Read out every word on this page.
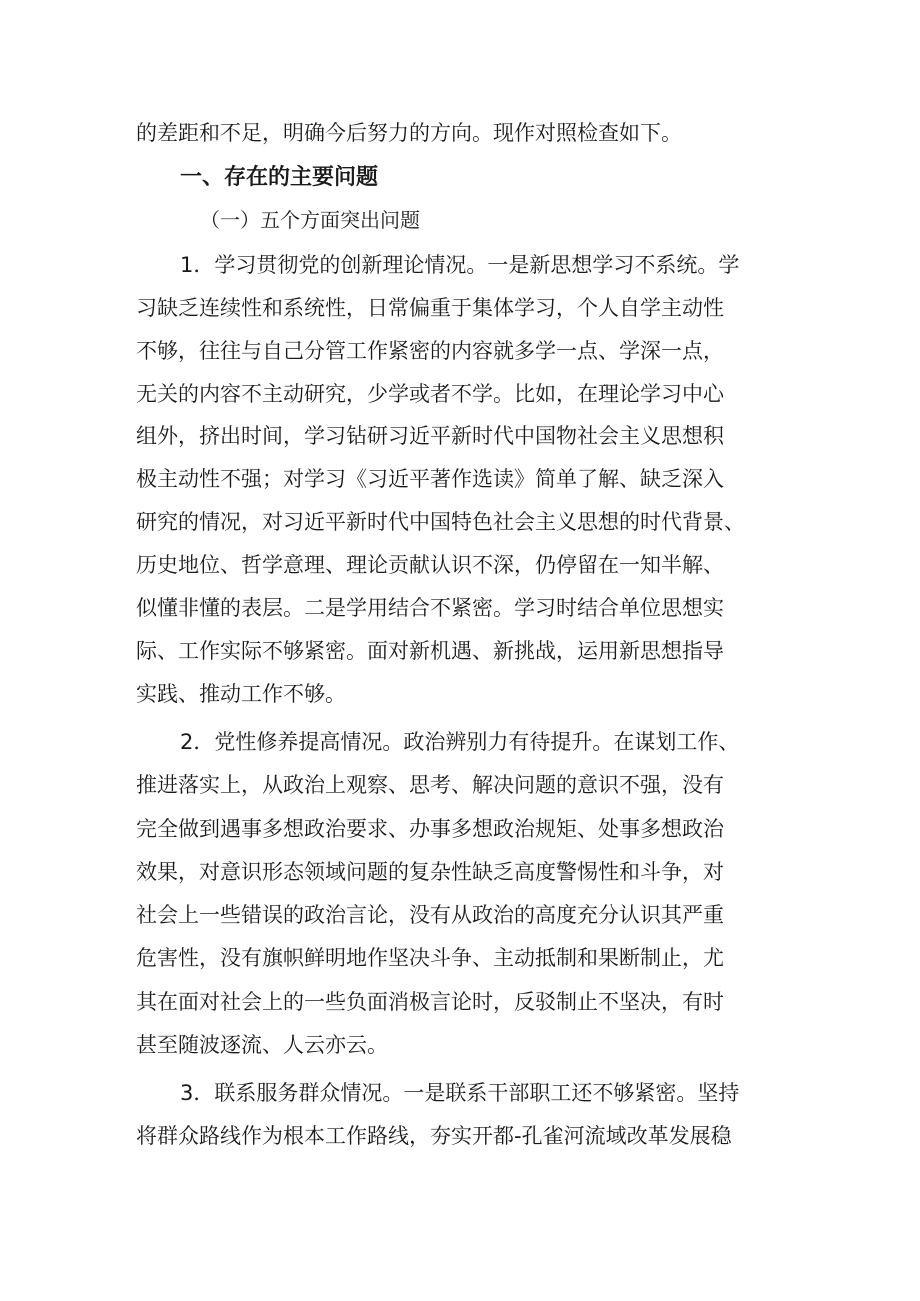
的差距和不足，明确今后努力的方向。现作对照检查如下。

一、存在的主要问题

（一）五个方面突出问题

1．学习贯彻党的创新理论情况。一是新思想学习不系统。学

习缺乏连续性和系统性，日常偏重于集体学习，个人自学主动性

不够，往往与自己分管工作紧密的内容就多学一点、学深一点，

无关的内容不主动研究，少学或者不学。比如，在理论学习中心

组外，挤出时间，学习钻研习近平新时代中国物社会主义思想积

极主动性不强；对学习《习近平著作选读》简单了解、缺乏深入

研究的情况，对习近平新时代中国特色社会主义思想的时代背景、

历史地位、哲学意理、理论贡献认识不深，仍停留在一知半解、

似懂非懂的表层。二是学用结合不紧密。学习时结合单位思想实

际、工作实际不够紧密。面对新机遇、新挑战，运用新思想指导

实践、推动工作不够。

2．党性修养提高情况。政治辨别力有待提升。在谋划工作、

推进落实上，从政治上观察、思考、解决问题的意识不强，没有

完全做到遇事多想政治要求、办事多想政治规矩、处事多想政治

效果，对意识形态领域问题的复杂性缺乏高度警惕性和斗争，对

社会上一些错误的政治言论，没有从政治的高度充分认识其严重

危害性，没有旗帜鲜明地作坚决斗争、主动抵制和果断制止，尤

其在面对社会上的一些负面消极言论时，反驳制止不坚决，有时

甚至随波逐流、人云亦云。

3．联系服务群众情况。一是联系干部职工还不够紧密。坚持

将群众路线作为根本工作路线，夯实开都-孔雀河流域改革发展稳
